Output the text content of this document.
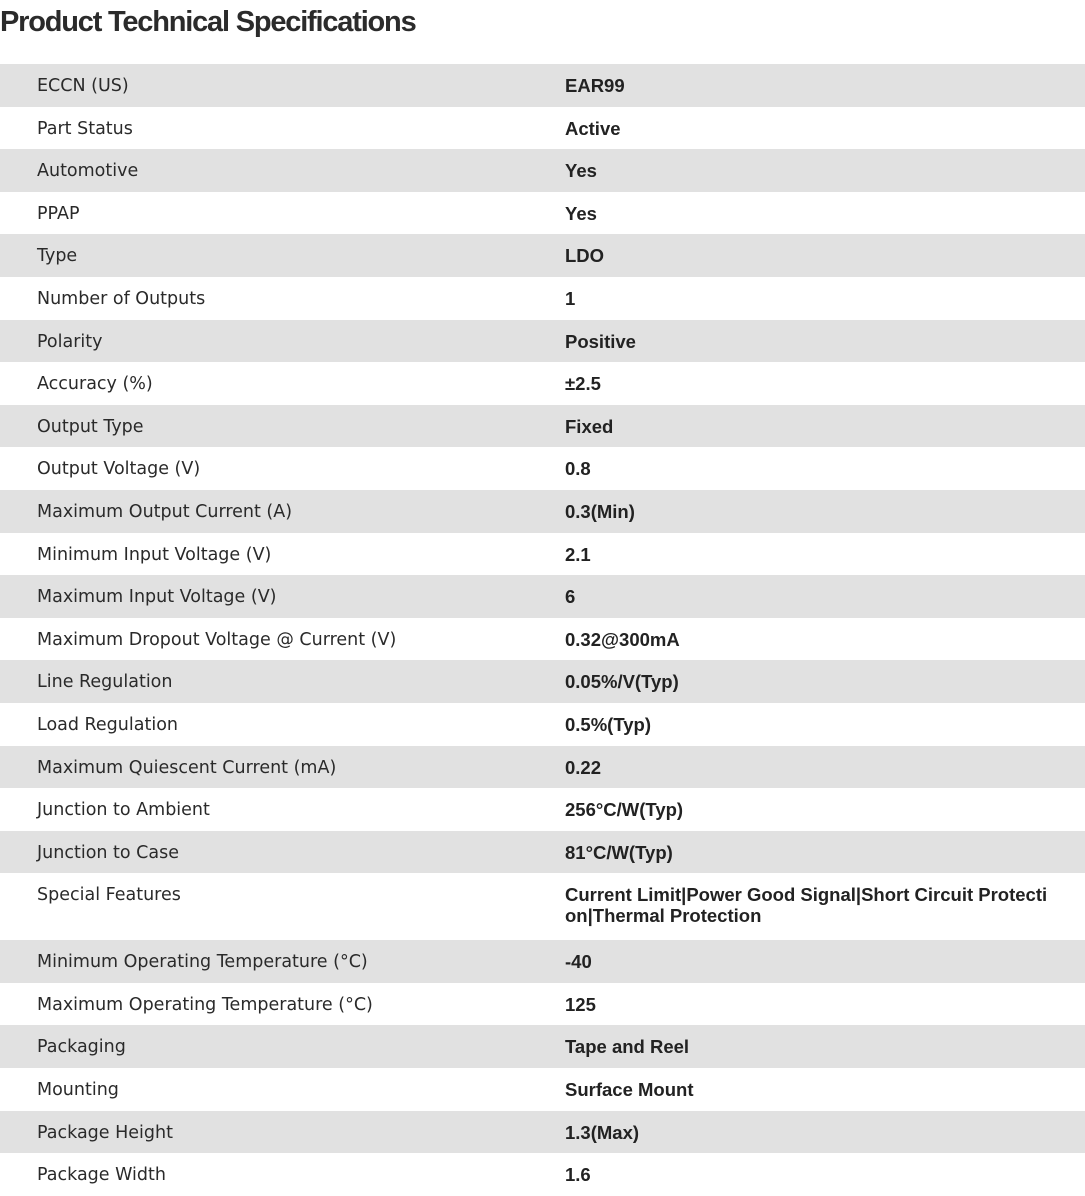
Product Technical Specifications
ECCN (US)	EAR99
Part Status	Active
Automotive	Yes
PPAP	Yes
Type	LDO
Number of Outputs	1
Polarity	Positive
Accuracy (%)	±2.5
Output Type	Fixed
Output Voltage (V)	0.8
Maximum Output Current (A)	0.3(Min)
Minimum Input Voltage (V)	2.1
Maximum Input Voltage (V)	6
Maximum Dropout Voltage @ Current (V)	0.32@300mA
Line Regulation	0.05%/V(Typ)
Load Regulation	0.5%(Typ)
Maximum Quiescent Current (mA)	0.22
Junction to Ambient	256°C/W(Typ)
Junction to Case	81°C/W(Typ)
Special Features	Current Limit|Power Good Signal|Short Circuit Protection|Thermal Protection
Minimum Operating Temperature (°C)	-40
Maximum Operating Temperature (°C)	125
Packaging	Tape and Reel
Mounting	Surface Mount
Package Height	1.3(Max)
Package Width	1.6
